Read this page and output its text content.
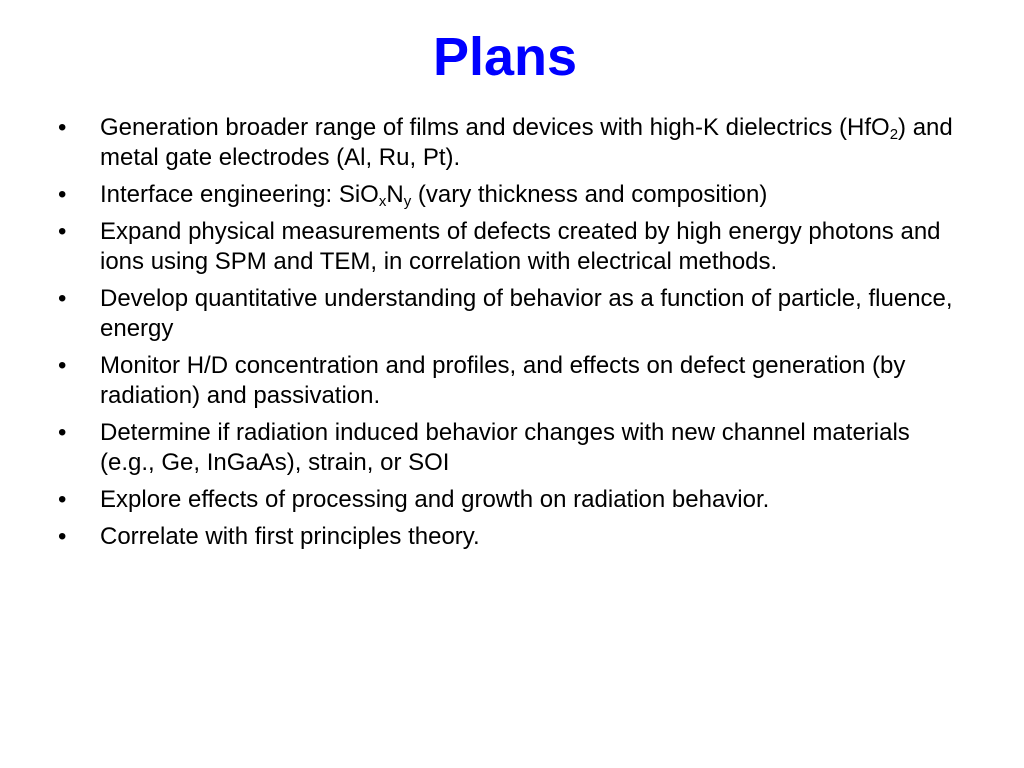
Plans
• Generation broader range of films and devices with high-K dielectrics (HfO$_2$) and metal gate electrodes (Al, Ru, Pt).
• Interface engineering: $SiO_xN_y$ (vary thickness and composition)
• Expand physical measurements of defects created by high energy photons and ions using SPM and TEM, in correlation with electrical methods.
• Develop quantitative understanding of behavior as a function of particle, fluence, energy
• Monitor H/D concentration and profiles, and effects on defect generation (by radiation) and passivation.
• Determine if radiation induced behavior changes with new channel materials (e.g., Ge, InGaAs), strain, or SOI
• Explore effects of processing and growth on radiation behavior.
• Correlate with first principles theory.
